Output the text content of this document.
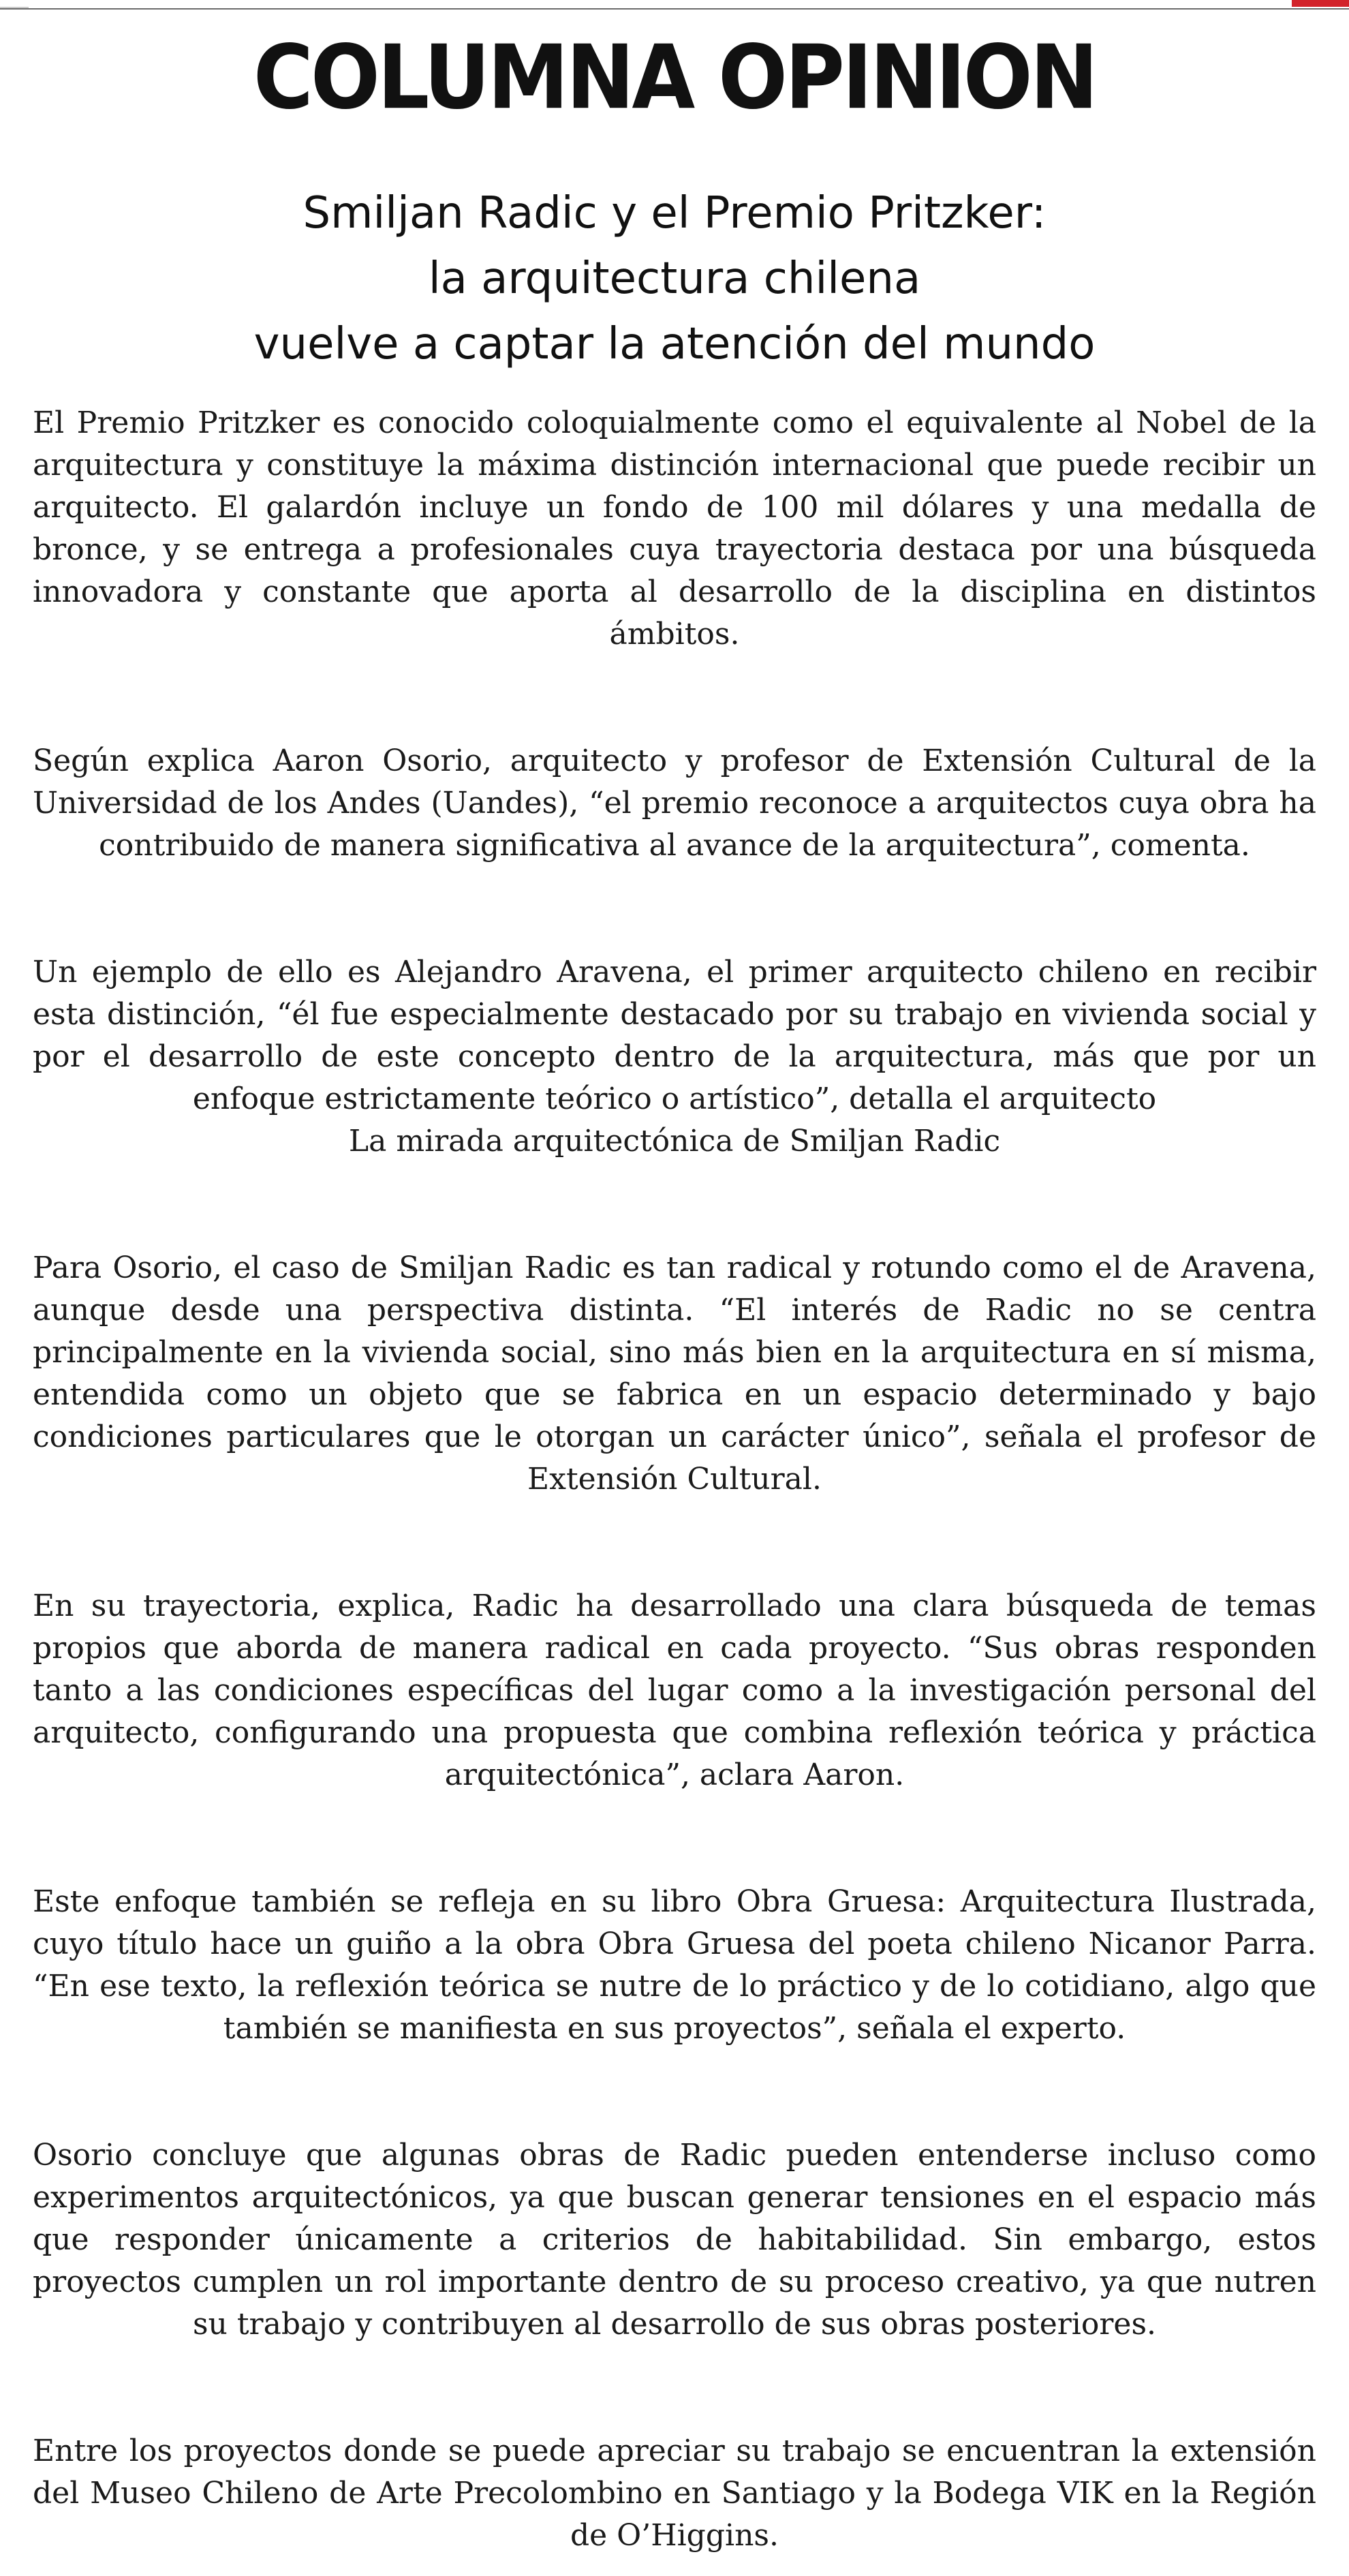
COLUMNA OPINION
Smiljan Radic y el Premio Pritzker:
la arquitectura chilena
vuelve a captar la atención del mundo

El Premio Pritzker es conocido coloquialmente como el equivalente al Nobel de la arquitectura y constituye la máxima distinción internacional que puede recibir un arquitecto. El galardón incluye un fondo de 100 mil dólares y una medalla de bronce, y se entrega a profesionales cuya trayectoria destaca por una búsqueda innovadora y constante que aporta al desarrollo de la disciplina en distintos ámbitos.

Según explica Aaron Osorio, arquitecto y profesor de Extensión Cultural de la Universidad de los Andes (Uandes), “el premio reconoce a arquitectos cuya obra ha contribuido de manera significativa al avance de la arquitectura”, comenta.

Un ejemplo de ello es Alejandro Aravena, el primer arquitecto chileno en recibir esta distinción, “él fue especialmente destacado por su trabajo en vivienda social y por el desarrollo de este concepto dentro de la arquitectura, más que por un enfoque estrictamente teórico o artístico”, detalla el arquitecto

La mirada arquitectónica de Smiljan Radic

Para Osorio, el caso de Smiljan Radic es tan radical y rotundo como el de Aravena, aunque desde una perspectiva distinta. “El interés de Radic no se centra principalmente en la vivienda social, sino más bien en la arquitectura en sí misma, entendida como un objeto que se fabrica en un espacio determinado y bajo condiciones particulares que le otorgan un carácter único”, señala el profesor de Extensión Cultural.

En su trayectoria, explica, Radic ha desarrollado una clara búsqueda de temas propios que aborda de manera radical en cada proyecto. “Sus obras responden tanto a las condiciones específicas del lugar como a la investigación personal del arquitecto, configurando una propuesta que combina reflexión teórica y práctica arquitectónica”, aclara Aaron.

Este enfoque también se refleja en su libro Obra Gruesa: Arquitectura Ilustrada, cuyo título hace un guiño a la obra Obra Gruesa del poeta chileno Nicanor Parra. “En ese texto, la reflexión teórica se nutre de lo práctico y de lo cotidiano, algo que también se manifiesta en sus proyectos”, señala el experto.

Osorio concluye que algunas obras de Radic pueden entenderse incluso como experimentos arquitectónicos, ya que buscan generar tensiones en el espacio más que responder únicamente a criterios de habitabilidad. Sin embargo, estos proyectos cumplen un rol importante dentro de su proceso creativo, ya que nutren su trabajo y contribuyen al desarrollo de sus obras posteriores.

Entre los proyectos donde se puede apreciar su trabajo se encuentran la extensión del Museo Chileno de Arte Precolombino en Santiago y la Bodega VIK en la Región de O’Higgins.
